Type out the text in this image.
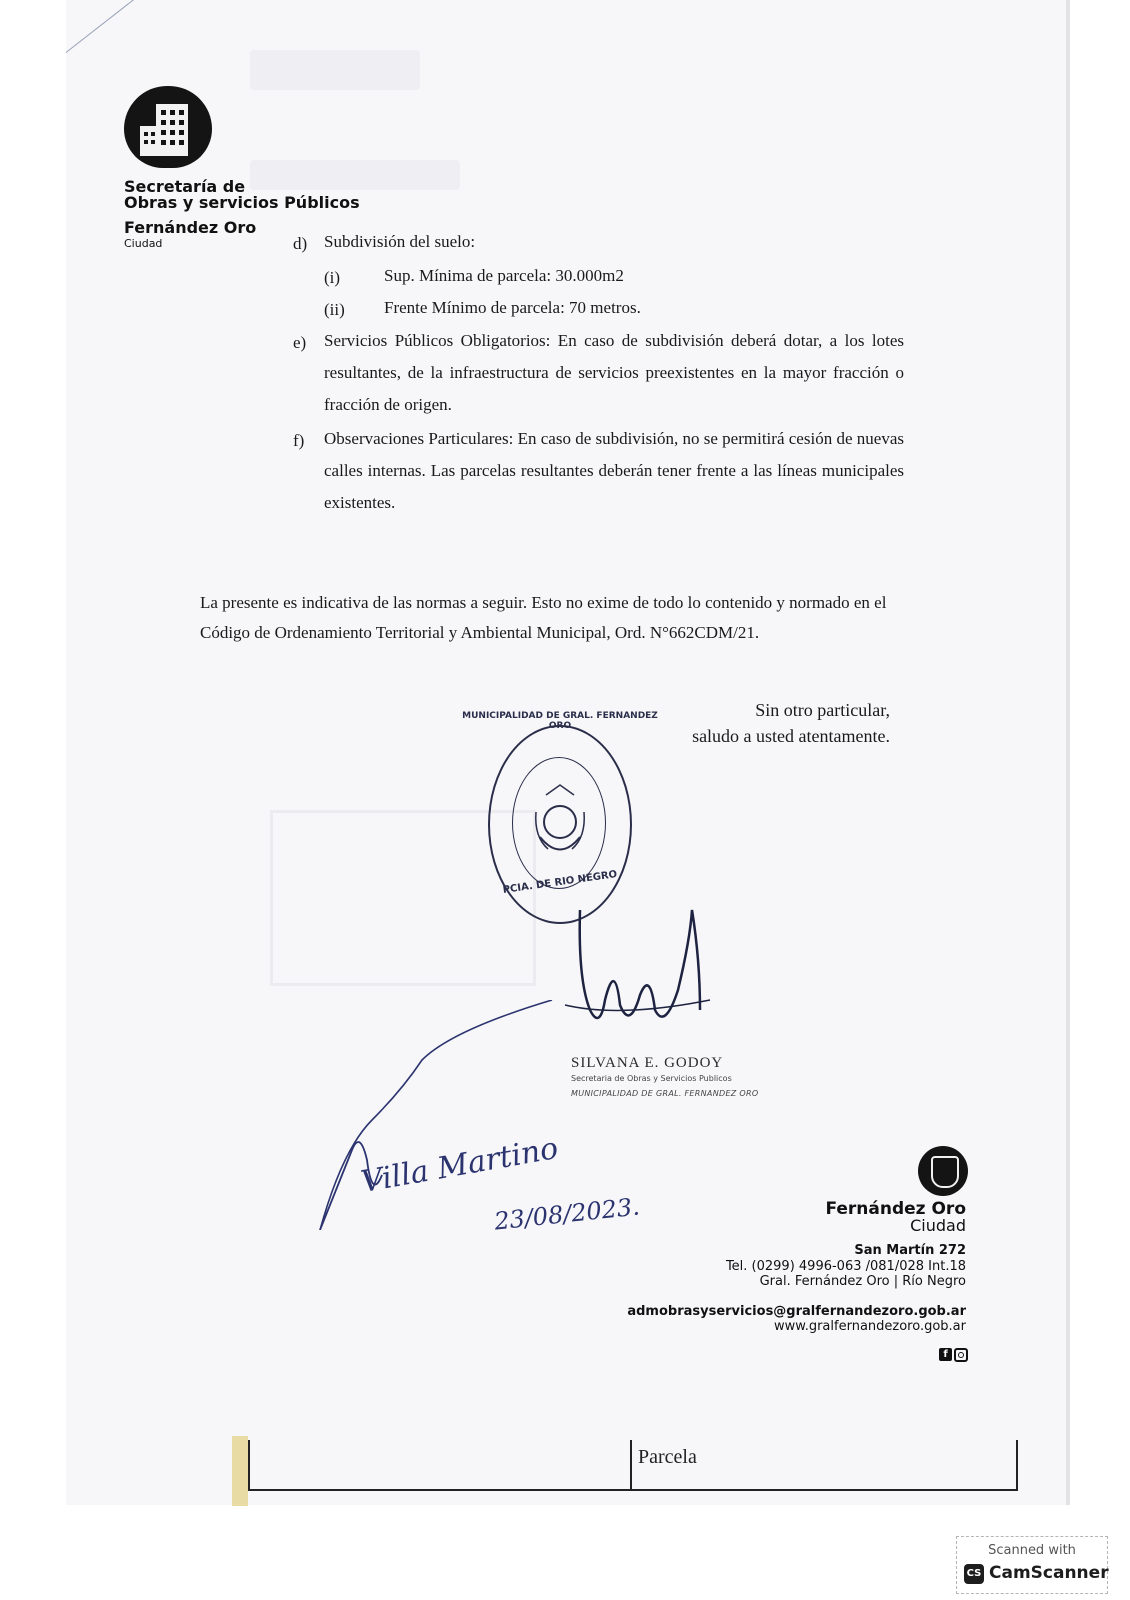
Secretaría de
Obras y servicios Públicos
Fernández Oro
Ciudad	d) Subdivisión del suelo:
(i)	Sup. Mínima de parcela: 30.000m2
(ii) Frente Mínimo de parcela: 70 metros.
e) Servicios Públicos Obligatorios: En caso de subdivisión deberá dotar, a los lotes resultantes, de la infraestructura de servicios preexistentes en la mayor fracción o fracción de origen.
f) Observaciones Particulares: En caso de subdivisión, no se permitirá cesión de nuevas calles internas. Las parcelas resultantes deberán tener frente a las líneas municipales existentes.
La presente es indicativa de las normas a seguir. Esto no exime de todo lo contenido y normado en el Código de Ordenamiento Territorial y Ambiental Municipal, Ord. N°662CDM/21.
Sin otro particular,
saludo a usted atentamente.
MUNICIPALIDAD DE GRAL. FERNANDEZ ORO
PCIA. DE RIO NEGRO
SILVANA E. GODOY
Secretaria de Obras y Servicios Publicos
MUNICIPALIDAD DE GRAL. FERNANDEZ ORO
Villa Martino
23/08/2023.	Fernández Oro
Ciudad
San Martín 272
Tel. (0299) 4996-063 /081/028 Int.18
Gral. Fernández Oro | Río Negro
admobrasyservicios@gralfernandezoro.gob.ar
www.gralfernandezoro.gob.ar
f
Parcela
Scanned with
CS CamScanner
